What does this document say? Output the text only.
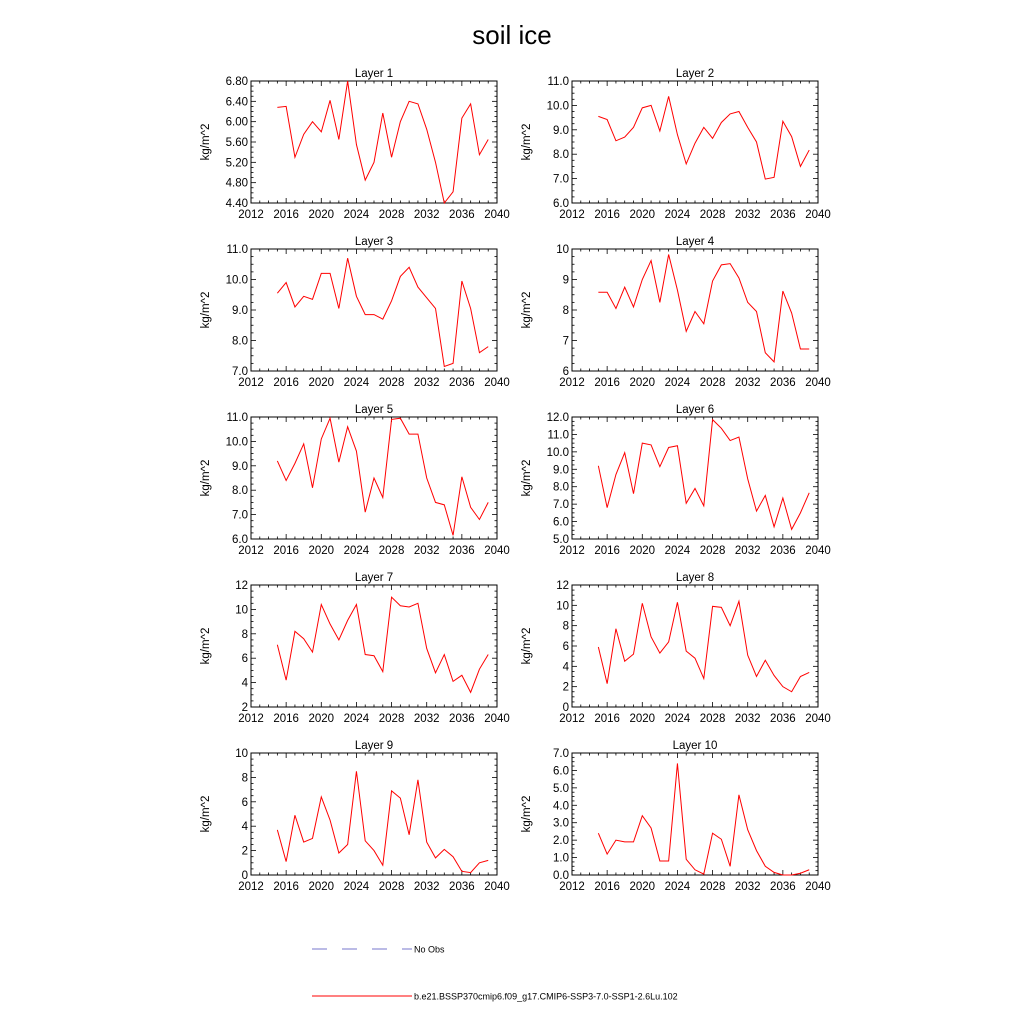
soil ice
Layer 1
2012 2016 2020 2024 2028 2032 2036 2040
4.40
4.80
5.20
5.60
6.00
6.40
6.80
kg/m^2
Layer 2
2012 2016 2020 2024 2028 2032 2036 2040
6.0
7.0
8.0
9.0
10.0
11.0
kg/m^2
Layer 3
2012 2016 2020 2024 2028 2032 2036 2040
7.0
8.0
9.0
10.0
11.0
kg/m^2
Layer 4
2012 2016 2020 2024 2028 2032 2036 2040
6
7
8
9
10
kg/m^2
Layer 5
2012 2016 2020 2024 2028 2032 2036 2040
6.0
7.0
8.0
9.0
10.0
11.0
kg/m^2
Layer 6
2012 2016 2020 2024 2028 2032 2036 2040
5.0
6.0
7.0
8.0
9.0
10.0
11.0
12.0
kg/m^2
Layer 7
2012 2016 2020 2024 2028 2032 2036 2040
2
4
6
8
10
12
kg/m^2
Layer 8
2012 2016 2020 2024 2028 2032 2036 2040
0
2
4
6
8
10
12
kg/m^2
Layer 9
2012 2016 2020 2024 2028 2032 2036 2040
0
2
4
6
8
10
kg/m^2
Layer 10
2012 2016 2020 2024 2028 2032 2036 2040
0.0
1.0
2.0
3.0
4.0
5.0
6.0
7.0
kg/m^2
No Obs
b.e21.BSSP370cmip6.f09_g17.CMIP6-SSP3-7.0-SSP1-2.6Lu.102
